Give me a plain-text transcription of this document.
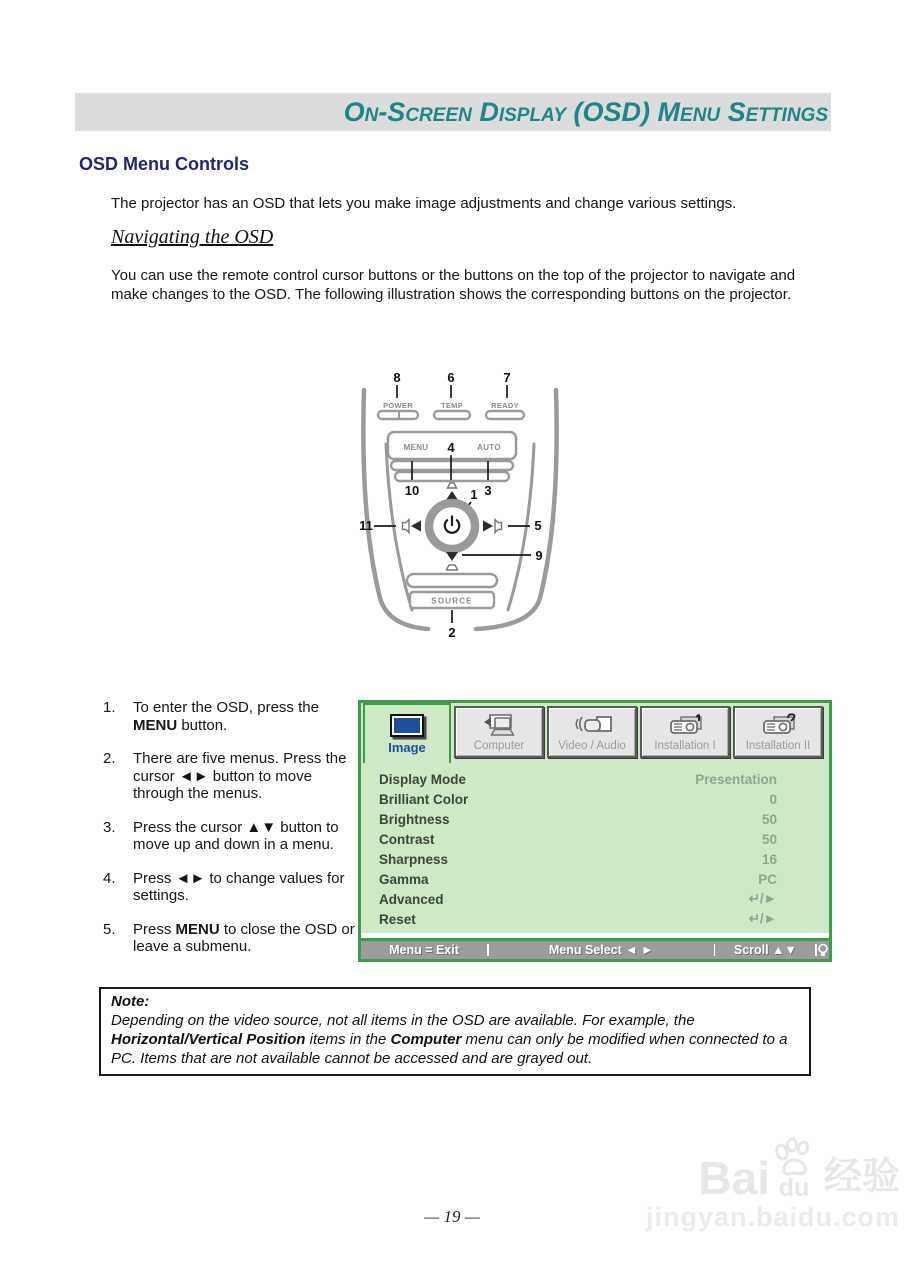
On-Screen Display (OSD) Menu Settings
OSD Menu Controls
The projector has an OSD that lets you make image adjustments and change various settings.
Navigating the OSD
You can use the remote control cursor buttons or the buttons on the top of the projector to navigate and make changes to the OSD. The following illustration shows the corresponding buttons on the projector.
8	6	7
POWER	TEMP	READY
MENU	AUTO
4
10	3
1
11	5
9
SOURCE
2
1.	To enter the OSD, press the MENU button.
2.	There are five menus. Press the cursor ◄► button to move through the menus.
3.	Press the cursor ▲▼ button to move up and down in a menu.
4.	Press ◄► to change values for settings.
5.	Press MENU to close the OSD or leave a submenu.
Image	Computer	Video / Audio Installation I	Installation II
Display Mode	Presentation
Brilliant Color	0
Brightness	50
Contrast	50
Sharpness	16
Gamma	PC
Advanced	↵/►
Reset	↵/►
Menu = Exit	Menu Select ◄ ►	Scroll ▲▼
Note:
Depending on the video source, not all items in the OSD are available. For example, the Horizontal/Vertical Position items in the Computer menu can only be modified when connected to a PC. Items that are not available cannot be accessed and are grayed out.
— 19 —
Bai du 经验
jingyan.baidu.com
